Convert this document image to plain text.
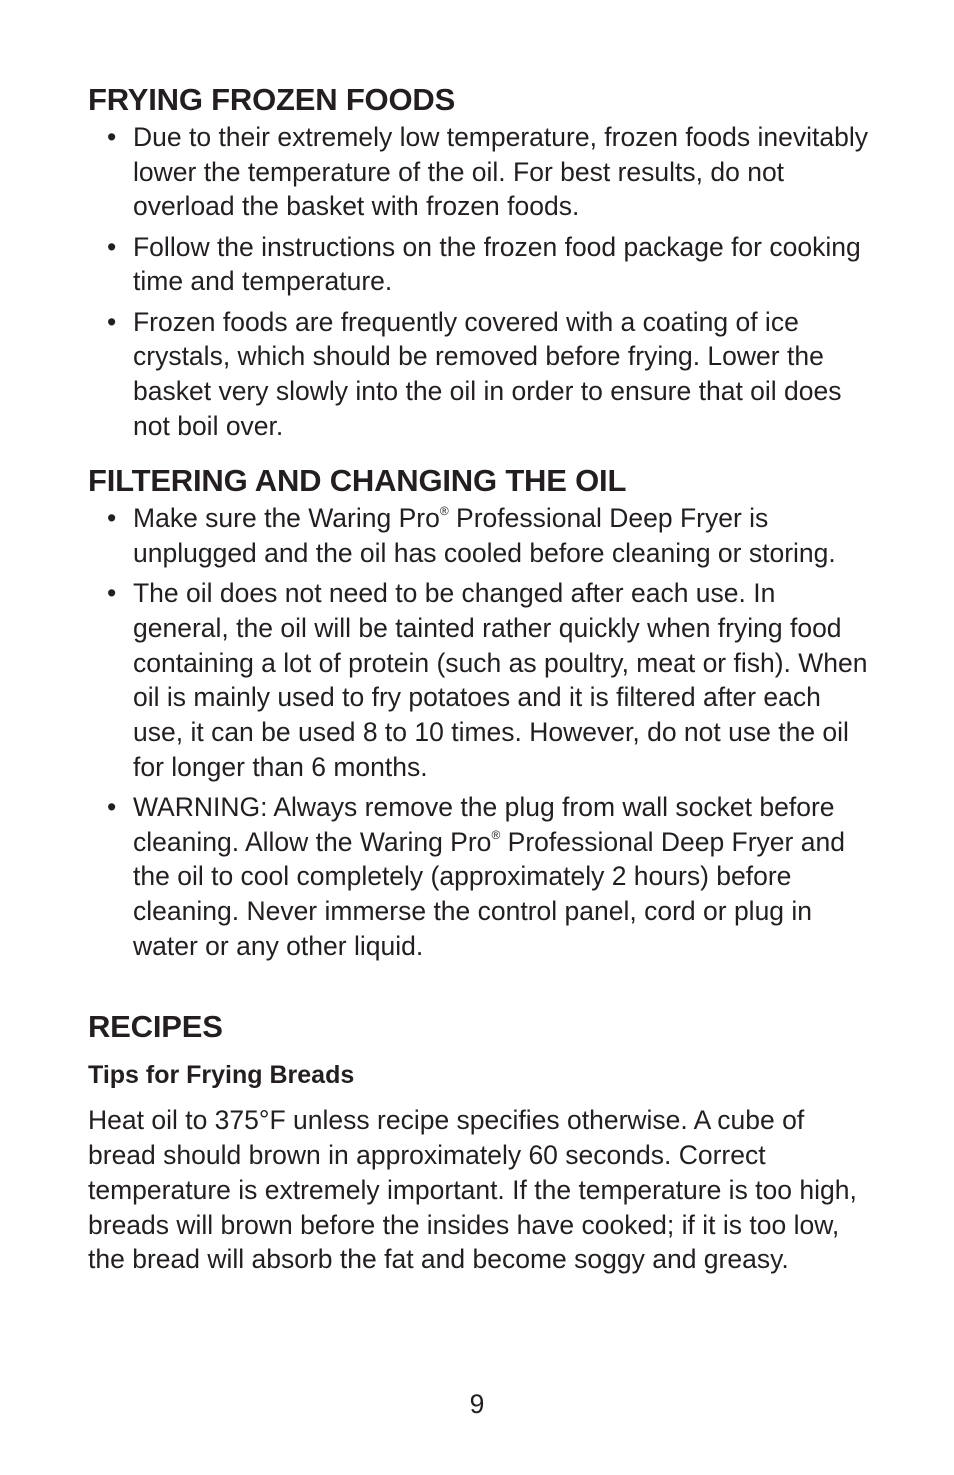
FRYING FROZEN FOODS
• Due to their extremely low temperature, frozen foods inevitably lower the temperature of the oil. For best results, do not overload the basket with frozen foods.
• Follow the instructions on the frozen food package for cooking time and temperature.
• Frozen foods are frequently covered with a coating of ice crystals, which should be removed before frying. Lower the basket very slowly into the oil in order to ensure that oil does not boil over.
FILTERING AND CHANGING THE OIL
• Make sure the Waring Pro® Professional Deep Fryer is unplugged and the oil has cooled before cleaning or storing.
• The oil does not need to be changed after each use. In general, the oil will be tainted rather quickly when frying food containing a lot of protein (such as poultry, meat or fish). When oil is mainly used to fry potatoes and it is filtered after each use, it can be used 8 to 10 times. However, do not use the oil for longer than 6 months.
• WARNING: Always remove the plug from wall socket before cleaning. Allow the Waring Pro® Professional Deep Fryer and the oil to cool completely (approximately 2 hours) before cleaning. Never immerse the control panel, cord or plug in water or any other liquid.
RECIPES
Tips for Frying Breads

Heat oil to 375°F unless recipe specifies otherwise. A cube of bread should brown in approximately 60 seconds. Correct temperature is extremely important. If the temperature is too high, breads will brown before the insides have cooked; if it is too low, the bread will absorb the fat and become soggy and greasy.

9
